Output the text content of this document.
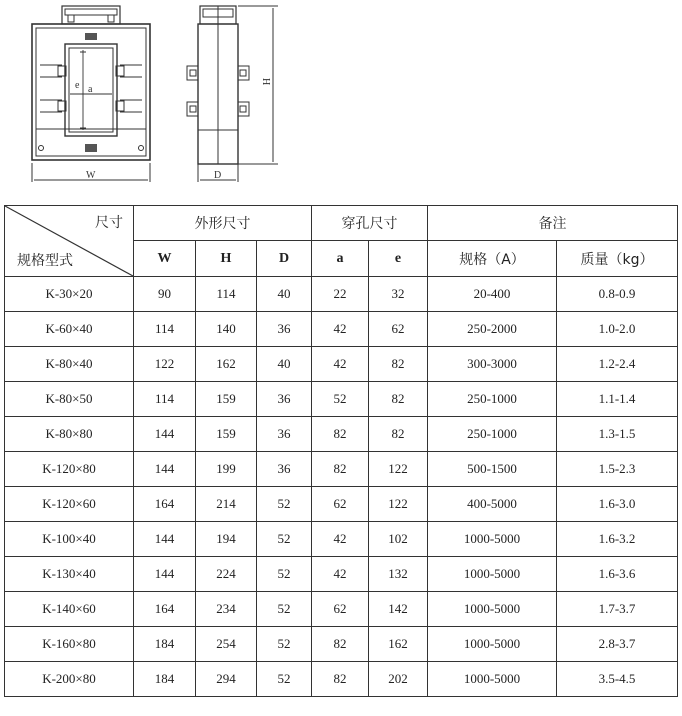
e a
W
H
D
尺寸
规格型式	外形尺寸			穿孔尺寸		备注	
	W	H	D	a	e	规格（A）	质量（kg）
K-30×20	90	114	40	22	32	20-400	0.8-0.9
K-60×40	114	140	36	42	62	250-2000	1.0-2.0
K-80×40	122	162	40	42	82	300-3000	1.2-2.4
K-80×50	114	159	36	52	82	250-1000	1.1-1.4
K-80×80	144	159	36	82	82	250-1000	1.3-1.5
K-120×80	144	199	36	82	122	500-1500	1.5-2.3
K-120×60	164	214	52	62	122	400-5000	1.6-3.0
K-100×40	144	194	52	42	102	1000-5000	1.6-3.2
K-130×40	144	224	52	42	132	1000-5000	1.6-3.6
K-140×60	164	234	52	62	142	1000-5000	1.7-3.7
K-160×80	184	254	52	82	162	1000-5000	2.8-3.7
K-200×80	184	294	52	82	202	1000-5000	3.5-4.5
